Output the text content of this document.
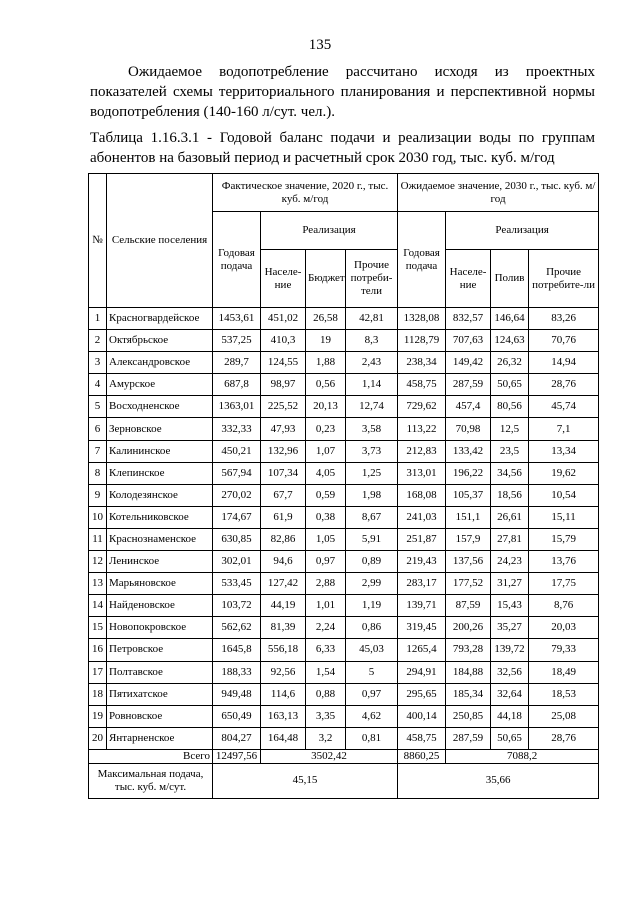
135
Ожидаемое водопотребление рассчитано исходя из проектных показателей схемы территориального планирования и перспективной нормы водопотребления (140-160 л/сут. чел.).
Таблица 1.16.3.1 - Годовой баланс подачи и реализации воды по группам абонентов на базовый период и расчетный срок 2030 год, тыс. куб. м/год
№	Сельские поселения	Фактическое значение, 2020 г., тыс. куб. м/год				Ожидаемое значение, 2030 г., тыс. куб. м/год			
		Годовая подача	Реализация			Годовая подача	Реализация		
			Населе-ние	Бюджет	Прочие потреби-тели		Населе-ние	Полив	Прочие потребите-ли
1	Красногвардейское	1453,61	451,02	26,58	42,81	1328,08	832,57	146,64	83,26
2	Октябрьское	537,25	410,3	19	8,3	1128,79	707,63	124,63	70,76
3	Александровское	289,7	124,55	1,88	2,43	238,34	149,42	26,32	14,94
4	Амурское	687,8	98,97	0,56	1,14	458,75	287,59	50,65	28,76
5	Восходненское	1363,01	225,52	20,13	12,74	729,62	457,4	80,56	45,74
6	Зерновское	332,33	47,93	0,23	3,58	113,22	70,98	12,5	7,1
7	Калининское	450,21	132,96	1,07	3,73	212,83	133,42	23,5	13,34
8	Клепинское	567,94	107,34	4,05	1,25	313,01	196,22	34,56	19,62
9	Колодезянское	270,02	67,7	0,59	1,98	168,08	105,37	18,56	10,54
10	Котельниковское	174,67	61,9	0,38	8,67	241,03	151,1	26,61	15,11
11	Краснознаменское	630,85	82,86	1,05	5,91	251,87	157,9	27,81	15,79
12	Ленинское	302,01	94,6	0,97	0,89	219,43	137,56	24,23	13,76
13	Марьяновское	533,45	127,42	2,88	2,99	283,17	177,52	31,27	17,75
14	Найденовское	103,72	44,19	1,01	1,19	139,71	87,59	15,43	8,76
15	Новопокровское	562,62	81,39	2,24	0,86	319,45	200,26	35,27	20,03
16	Петровское	1645,8	556,18	6,33	45,03	1265,4	793,28	139,72	79,33
17	Полтавское	188,33	92,56	1,54	5	294,91	184,88	32,56	18,49
18	Пятихатское	949,48	114,6	0,88	0,97	295,65	185,34	32,64	18,53
19	Ровновское	650,49	163,13	3,35	4,62	400,14	250,85	44,18	25,08
20	Янтарненское	804,27	164,48	3,2	0,81	458,75	287,59	50,65	28,76
Всего		12497,56	3502,42			8860,25	7088,2		
Максимальная подача, тыс. куб. м/сут.		45,15				35,66			
